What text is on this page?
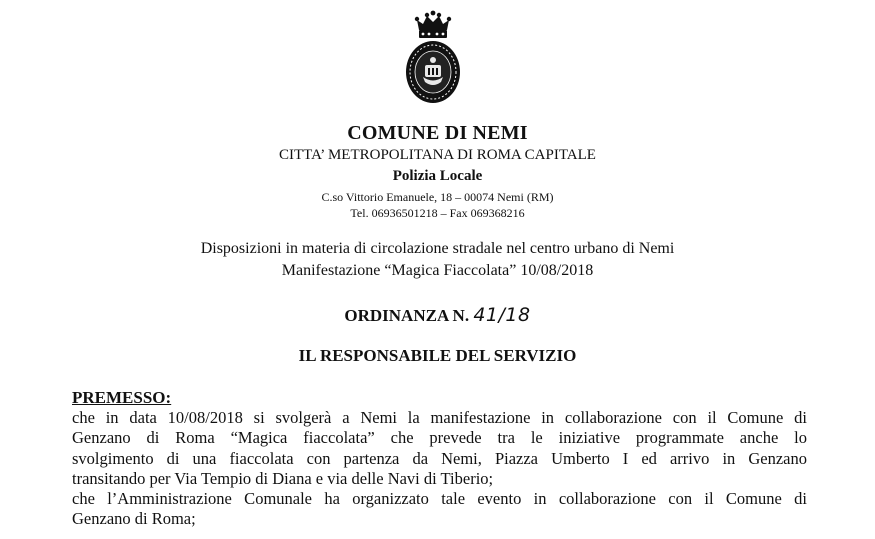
COMUNE DI NEMI
CITTA’ METROPOLITANA DI ROMA CAPITALE
Polizia Locale
C.so Vittorio Emanuele, 18 – 00074 Nemi (RM)
Tel. 06936501218 – Fax 069368216
Disposizioni in materia di circolazione stradale nel centro urbano di Nemi
Manifestazione “Magica Fiaccolata” 10/08/2018
ORDINANZA N. 41/18
IL RESPONSABILE DEL SERVIZIO
PREMESSO:
che in data 10/08/2018 si svolgerà a Nemi la manifestazione in collaborazione con il Comune di
Genzano di Roma “Magica fiaccolata” che prevede tra le iniziative programmate anche lo
svolgimento di una fiaccolata con partenza da Nemi, Piazza Umberto I ed arrivo in Genzano
transitando per Via Tempio di Diana e via delle Navi di Tiberio;
che l’Amministrazione Comunale ha organizzato tale evento in collaborazione con il Comune di
Genzano di Roma;
